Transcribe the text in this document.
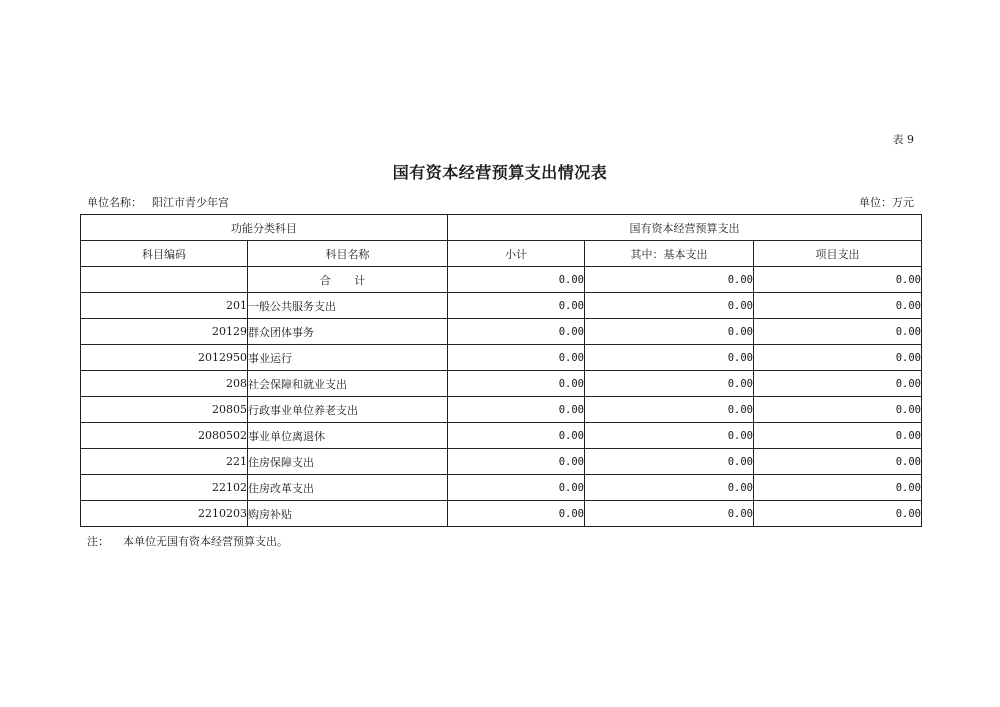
表 9
国有资本经营预算支出情况表
单位名称： 阳江市青少年宫	单位：万元
功能分类科目		国有资本经营预算支出		
科目编码	科目名称	小计	其中：基本支出	项目支出
	合 计	0.00	0.00	0.00
201	一般公共服务支出	0.00	0.00	0.00
20129	群众团体事务	0.00	0.00	0.00
2012950	事业运行	0.00	0.00	0.00
208	社会保障和就业支出	0.00	0.00	0.00
20805	行政事业单位养老支出	0.00	0.00	0.00
2080502	事业单位离退休	0.00	0.00	0.00
221	住房保障支出	0.00	0.00	0.00
22102	住房改革支出	0.00	0.00	0.00
2210203	购房补贴	0.00	0.00	0.00
注： 本单位无国有资本经营预算支出。
